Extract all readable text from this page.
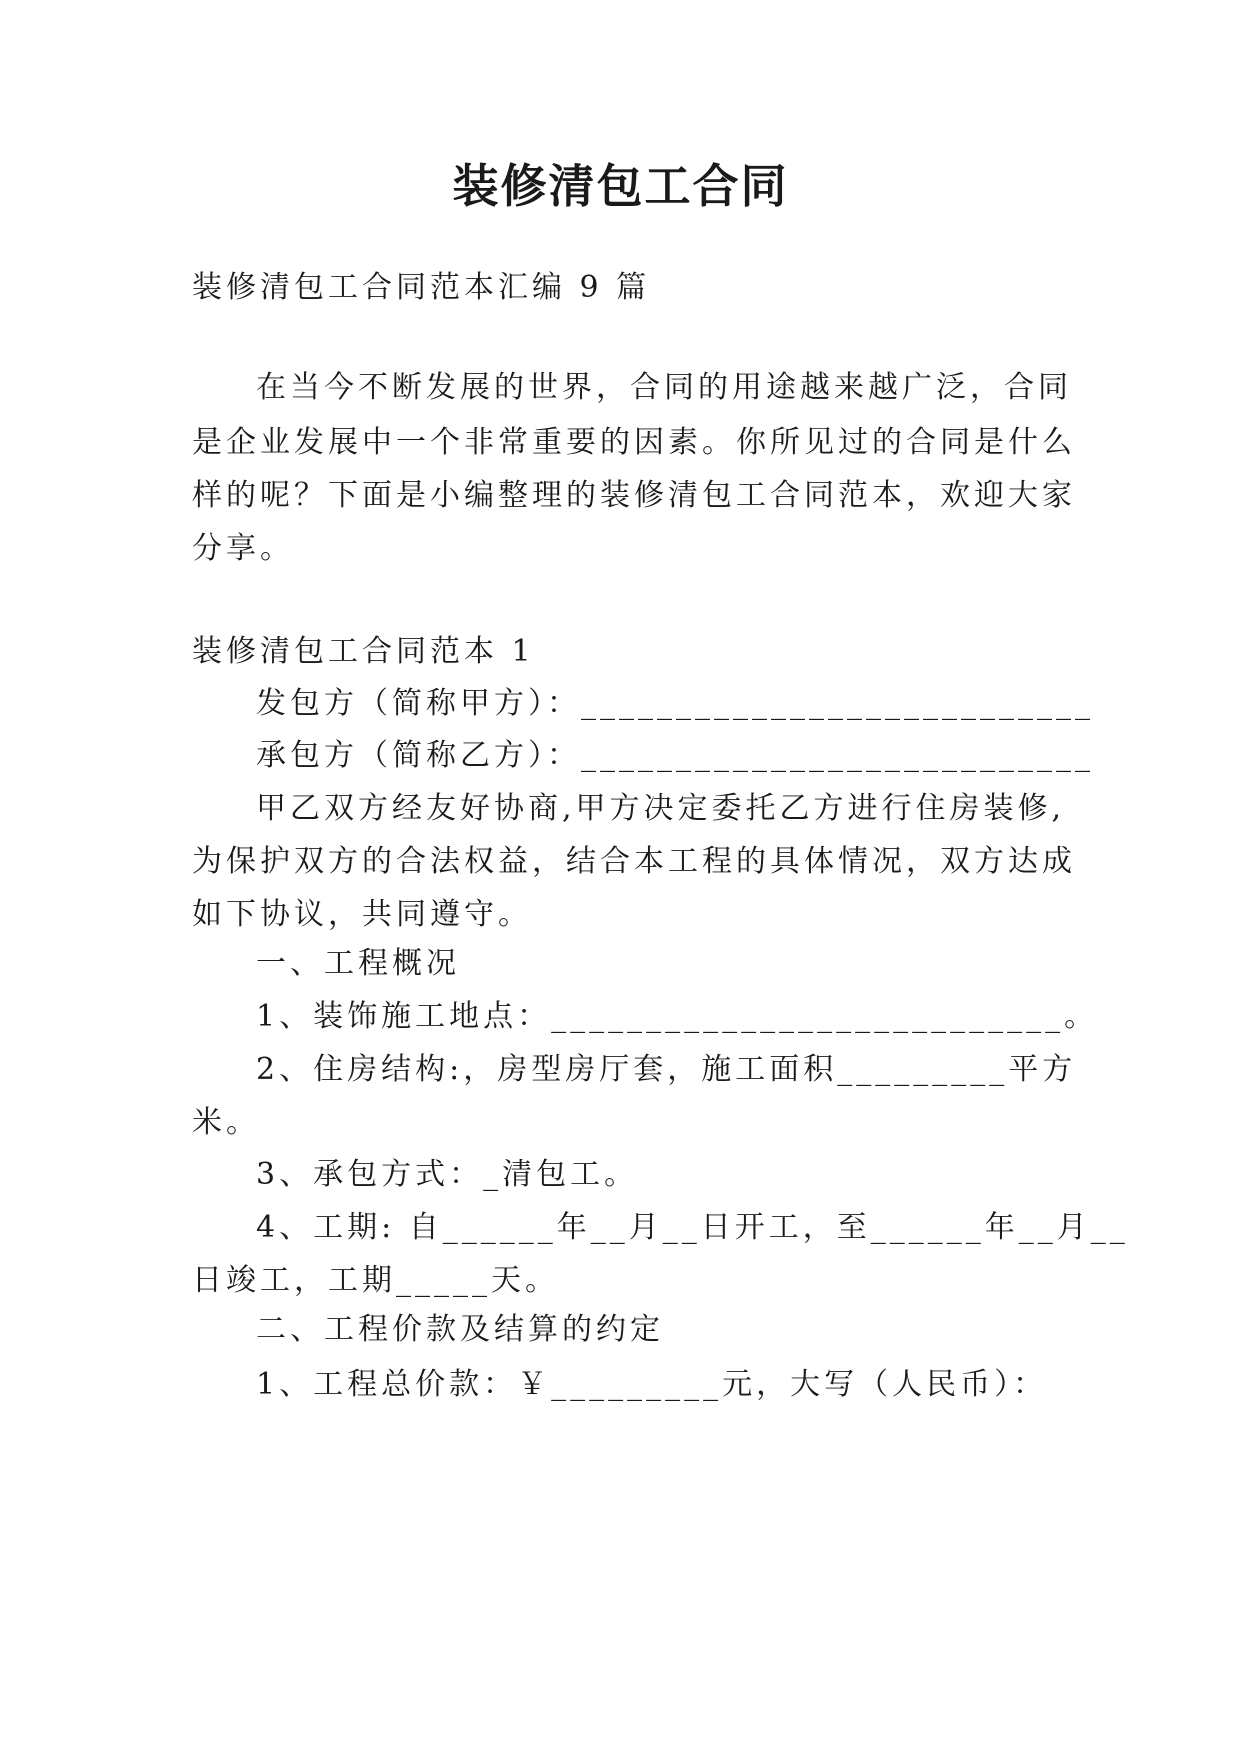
装修清包工合同
装修清包工合同范本汇编 9 篇
在当今不断发展的世界，合同的用途越来越广泛，合同
是企业发展中一个非常重要的因素。你所见过的合同是什么
样的呢？下面是小编整理的装修清包工合同范本，欢迎大家
分享。
装修清包工合同范本 1
发包方（简称甲方）：___________________________
承包方（简称乙方）：___________________________
甲乙双方经友好协商,甲方决定委托乙方进行住房装修,
为保护双方的合法权益，结合本工程的具体情况，双方达成
如下协议，共同遵守。
一、工程概况
1、装饰施工地点：___________________________。
2、住房结构:，房型房厅套，施工面积_________平方
米。
3、承包方式：_清包工。
4、工期: 自______年__月__日开工，至______年__月__
日竣工，工期_____天。
二、工程价款及结算的约定
1、工程总价款：￥_________元，大写（人民币）：
